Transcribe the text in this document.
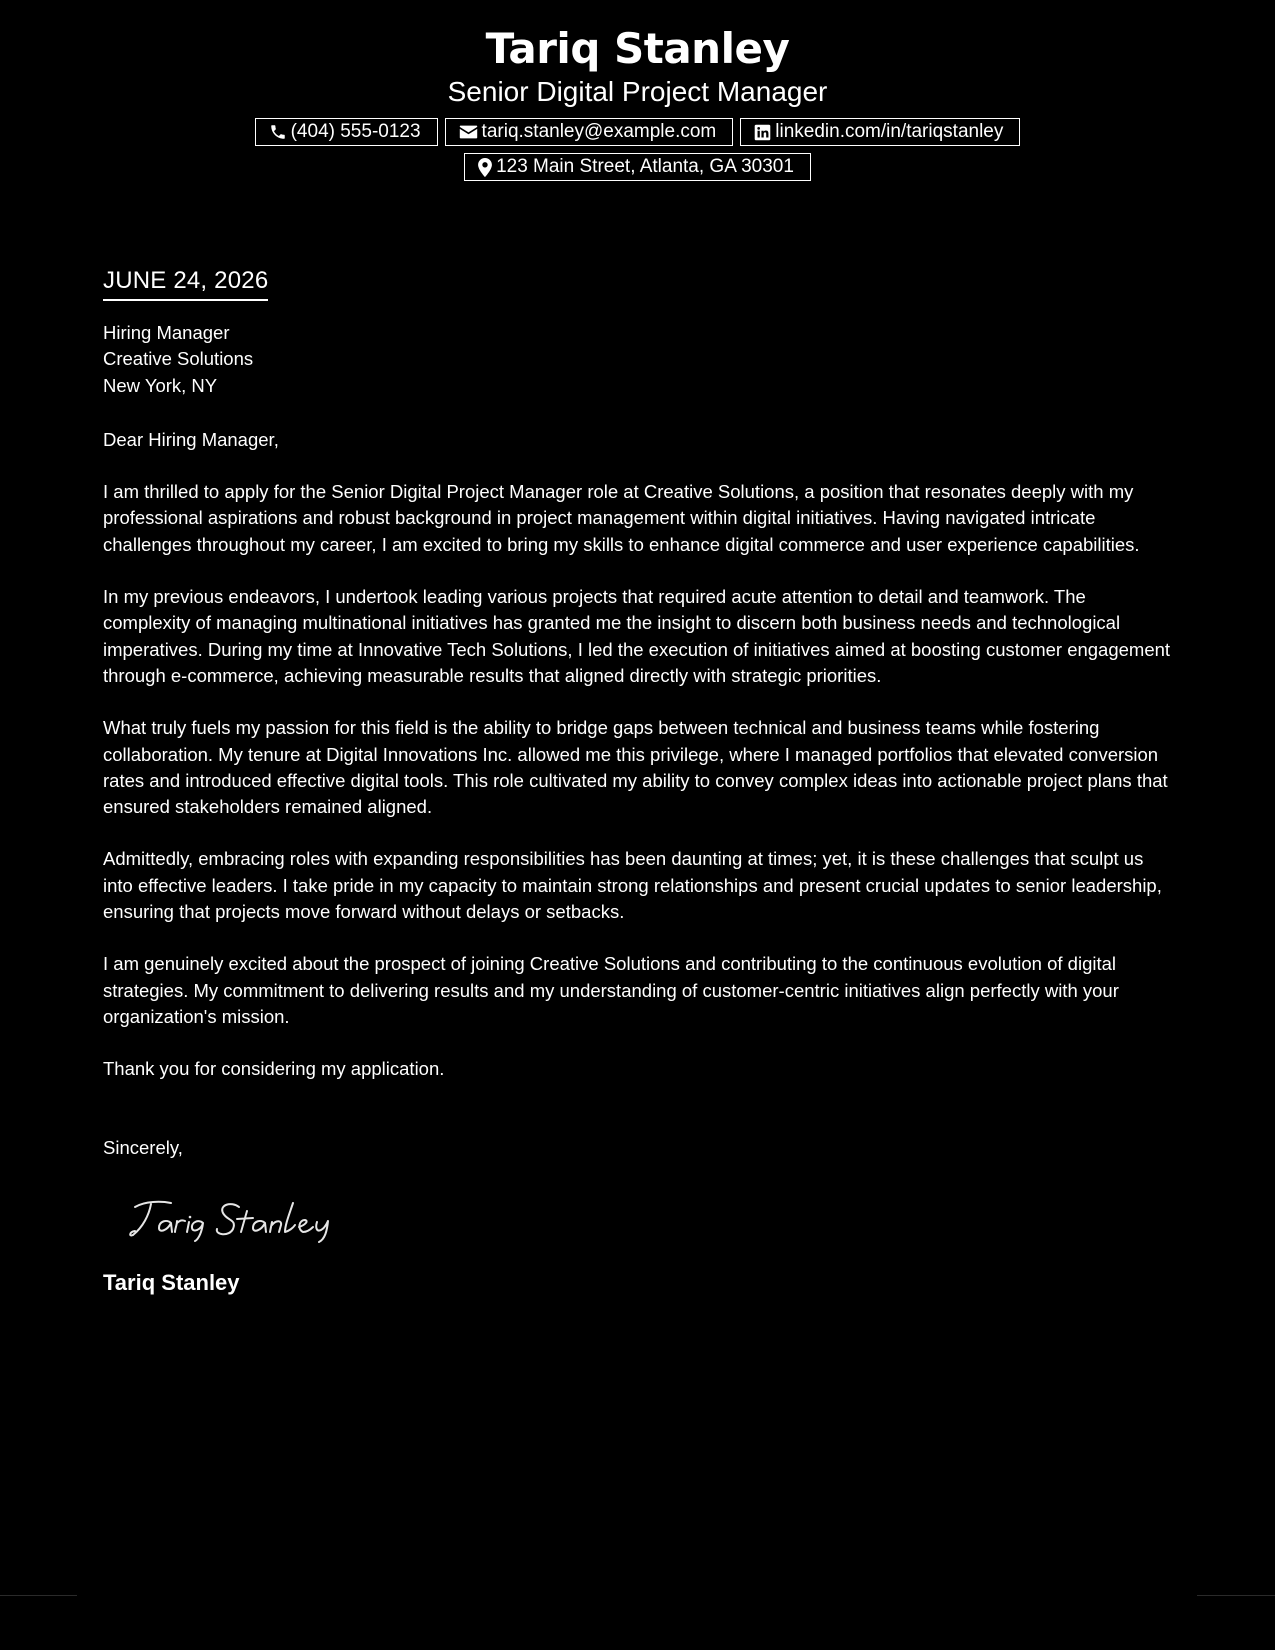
Tariq Stanley
Senior Digital Project Manager
(404) 555-0123	tariq.stanley@example.com	linkedin.com/in/tariqstanley
123 Main Street, Atlanta, GA 30301
JUNE 24, 2026
Hiring Manager
Creative Solutions
New York, NY
Dear Hiring Manager,
I am thrilled to apply for the Senior Digital Project Manager role at Creative Solutions, a position that resonates deeply with my professional aspirations and robust background in project management within digital initiatives. Having navigated intricate challenges throughout my career, I am excited to bring my skills to enhance digital commerce and user experience capabilities.
In my previous endeavors, I undertook leading various projects that required acute attention to detail and teamwork. The complexity of managing multinational initiatives has granted me the insight to discern both business needs and technological imperatives. During my time at Innovative Tech Solutions, I led the execution of initiatives aimed at boosting customer engagement through e-commerce, achieving measurable results that aligned directly with strategic priorities.
What truly fuels my passion for this field is the ability to bridge gaps between technical and business teams while fostering collaboration. My tenure at Digital Innovations Inc. allowed me this privilege, where I managed portfolios that elevated conversion rates and introduced effective digital tools. This role cultivated my ability to convey complex ideas into actionable project plans that ensured stakeholders remained aligned.
Admittedly, embracing roles with expanding responsibilities has been daunting at times; yet, it is these challenges that sculpt us into effective leaders. I take pride in my capacity to maintain strong relationships and present crucial updates to senior leadership, ensuring that projects move forward without delays or setbacks.
I am genuinely excited about the prospect of joining Creative Solutions and contributing to the continuous evolution of digital strategies. My commitment to delivering results and my understanding of customer-centric initiatives align perfectly with your organization's mission.
Thank you for considering my application.
Sincerely,
Tariq Stanley
